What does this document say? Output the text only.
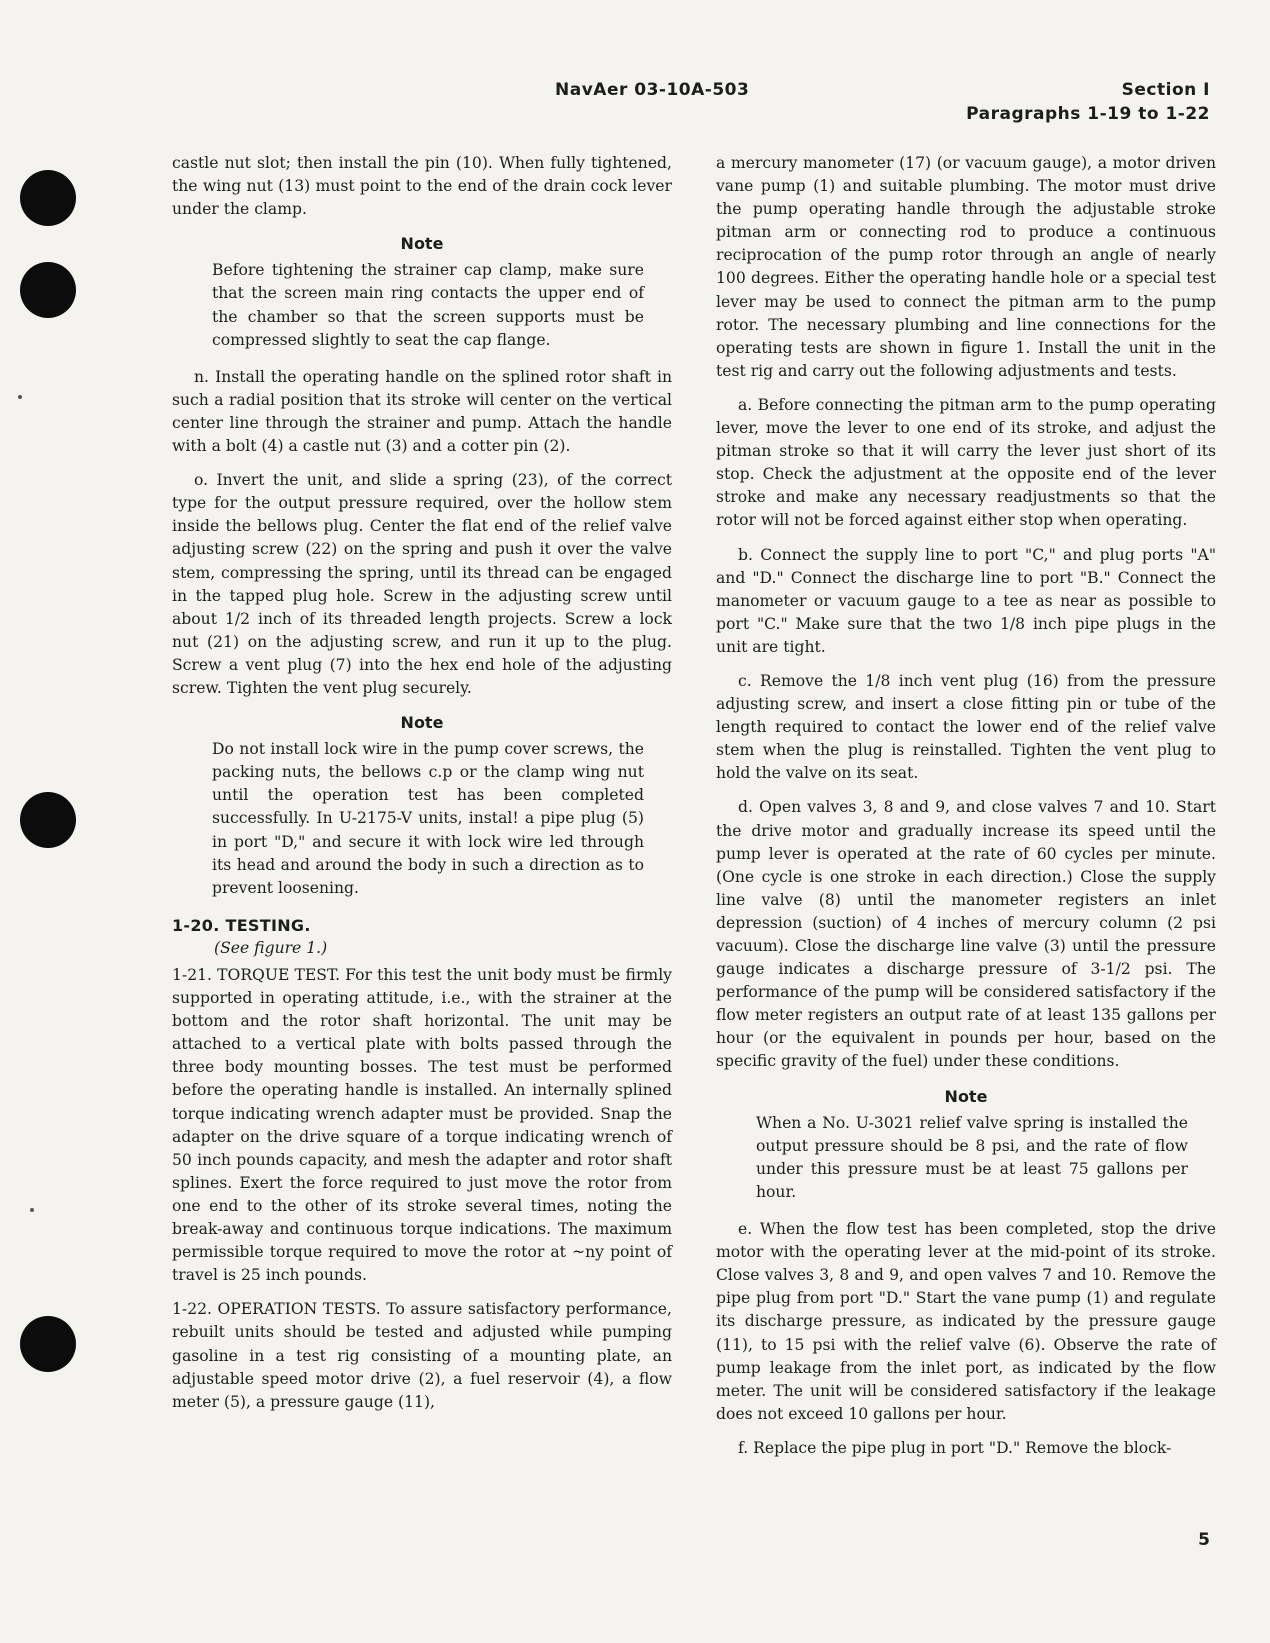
NavAer 03-10A-503	Section I
Paragraphs 1-19 to 1-22

castle nut slot; then install the pin (10). When fully tightened, the wing nut (13) must point to the end of the drain cock lever under the clamp.

Note
Before tightening the strainer cap clamp, make sure that the screen main ring contacts the upper end of the chamber so that the screen supports must be compressed slightly to seat the cap flange.

n. Install the operating handle on the splined rotor shaft in such a radial position that its stroke will center on the vertical center line through the strainer and pump. Attach the handle with a bolt (4) a castle nut (3) and a cotter pin (2).

o. Invert the unit, and slide a spring (23), of the correct type for the output pressure required, over the hollow stem inside the bellows plug. Center the flat end of the relief valve adjusting screw (22) on the spring and push it over the valve stem, compressing the spring, until its thread can be engaged in the tapped plug hole. Screw in the adjusting screw until about 1/2 inch of its threaded length projects. Screw a lock nut (21) on the adjusting screw, and run it up to the plug. Screw a vent plug (7) into the hex end hole of the adjusting screw. Tighten the vent plug securely.

Note
Do not install lock wire in the pump cover screws, the packing nuts, the bellows c.p or the clamp wing nut until the operation test has been completed successfully. In U-2175-V units, instal! a pipe plug (5) in port "D," and secure it with lock wire led through its head and around the body in such a direction as to prevent loosening.
1-20. TESTING.
(See figure 1.)

1-21. TORQUE TEST. For this test the unit body must be firmly supported in operating attitude, i.e., with the strainer at the bottom and the rotor shaft horizontal. The unit may be attached to a vertical plate with bolts passed through the three body mounting bosses. The test must be performed before the operating handle is installed. An internally splined torque indicating wrench adapter must be provided. Snap the adapter on the drive square of a torque indicating wrench of 50 inch pounds capacity, and mesh the adapter and rotor shaft splines. Exert the force required to just move the rotor from one end to the other of its stroke several times, noting the break-away and continuous torque indications. The maximum permissible torque required to move the rotor at ~ny point of travel is 25 inch pounds.

1-22. OPERATION TESTS. To assure satisfactory performance, rebuilt units should be tested and adjusted while pumping gasoline in a test rig consisting of a mounting plate, an adjustable speed motor drive (2), a fuel reservoir (4), a flow meter (5), a pressure gauge (11),

a mercury manometer (17) (or vacuum gauge), a motor driven vane pump (1) and suitable plumbing. The motor must drive the pump operating handle through the adjustable stroke pitman arm or connecting rod to produce a continuous reciprocation of the pump rotor through an angle of nearly 100 degrees. Either the operating handle hole or a special test lever may be used to connect the pitman arm to the pump rotor. The necessary plumbing and line connections for the operating tests are shown in figure 1. Install the unit in the test rig and carry out the following adjustments and tests.

a. Before connecting the pitman arm to the pump operating lever, move the lever to one end of its stroke, and adjust the pitman stroke so that it will carry the lever just short of its stop. Check the adjustment at the opposite end of the lever stroke and make any necessary readjustments so that the rotor will not be forced against either stop when operating.

b. Connect the supply line to port "C," and plug ports "A" and "D." Connect the discharge line to port "B." Connect the manometer or vacuum gauge to a tee as near as possible to port "C." Make sure that the two 1/8 inch pipe plugs in the unit are tight.

c. Remove the 1/8 inch vent plug (16) from the pressure adjusting screw, and insert a close fitting pin or tube of the length required to contact the lower end of the relief valve stem when the plug is reinstalled. Tighten the vent plug to hold the valve on its seat.

d. Open valves 3, 8 and 9, and close valves 7 and 10. Start the drive motor and gradually increase its speed until the pump lever is operated at the rate of 60 cycles per minute. (One cycle is one stroke in each direction.) Close the supply line valve (8) until the manometer registers an inlet depression (suction) of 4 inches of mercury column (2 psi vacuum). Close the discharge line valve (3) until the pressure gauge indicates a discharge pressure of 3-1/2 psi. The performance of the pump will be considered satisfactory if the flow meter registers an output rate of at least 135 gallons per hour (or the equivalent in pounds per hour, based on the specific gravity of the fuel) under these conditions.

Note
When a No. U-3021 relief valve spring is installed the output pressure should be 8 psi, and the rate of flow under this pressure must be at least 75 gallons per hour.

e. When the flow test has been completed, stop the drive motor with the operating lever at the mid-point of its stroke. Close valves 3, 8 and 9, and open valves 7 and 10. Remove the pipe plug from port "D." Start the vane pump (1) and regulate its discharge pressure, as indicated by the pressure gauge (11), to 15 psi with the relief valve (6). Observe the rate of pump leakage from the inlet port, as indicated by the flow meter. The unit will be considered satisfactory if the leakage does not exceed 10 gallons per hour.

f. Replace the pipe plug in port "D." Remove the block-

5
